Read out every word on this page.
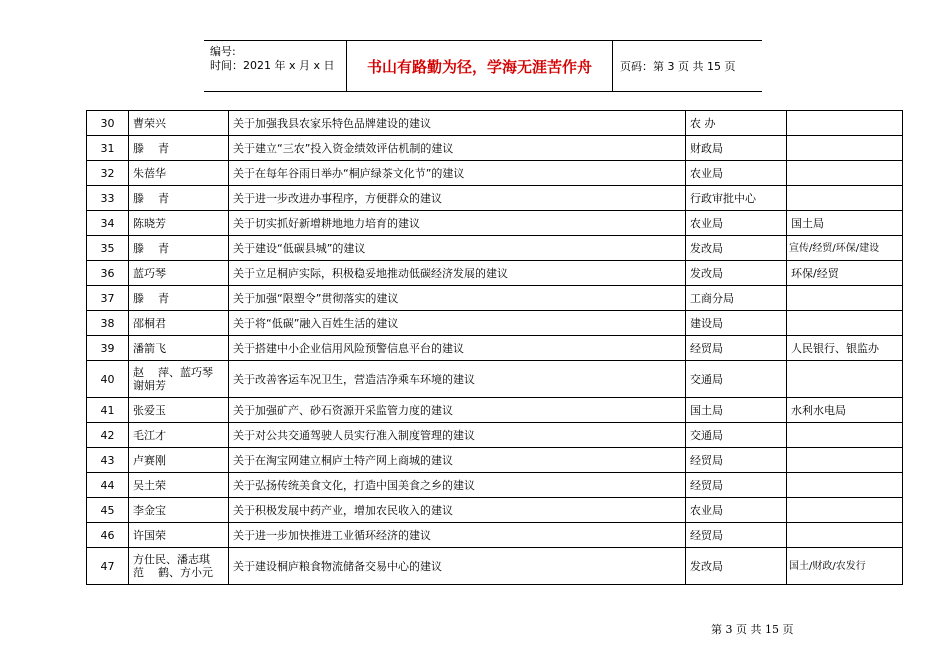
编号:
时间：2021 年 x 月 x 日	书山有路勤为径，学海无涯苦作舟	页码：第 3 页 共 15 页
30	曹荣兴	关于加强我县农家乐特色品牌建设的建议	农 办	
31	滕    青	关于建立“三农”投入资金绩效评估机制的建议	财政局	
32	朱蓓华	关于在每年谷雨日举办“桐庐绿茶文化节”的建议	农业局	
33	滕    青	关于进一步改进办事程序，方便群众的建议	行政审批中心	
34	陈晓芳	关于切实抓好新增耕地地力培育的建议	农业局	国土局
35	滕    青	关于建设“低碳县城”的建议	发改局	宣传/经贸/环保/建设
36	蓝巧琴	关于立足桐庐实际，积极稳妥地推动低碳经济发展的建议	发改局	环保/经贸
37	滕    青	关于加强“限塑令”贯彻落实的建议	工商分局	
38	邵桐君	关于将“低碳”融入百姓生活的建议	建设局	
39	潘箭飞	关于搭建中小企业信用风险预警信息平台的建议	经贸局	人民银行、银监办
40	赵    萍、蓝巧琴
谢娟芳	关于改善客运车况卫生，营造洁净乘车环境的建议	交通局	
41	张爱玉	关于加强矿产、砂石资源开采监管力度的建议	国土局	水利水电局
42	毛江才	关于对公共交通驾驶人员实行准入制度管理的建议	交通局	
43	卢赛刚	关于在淘宝网建立桐庐土特产网上商城的建议	经贸局	
44	吴土荣	关于弘扬传统美食文化，打造中国美食之乡的建议	经贸局	
45	李金宝	关于积极发展中药产业，增加农民收入的建议	农业局	
46	许国荣	关于进一步加快推进工业循环经济的建议	经贸局	
47	方仕民、潘志琪
范    鹤、方小元	关于建设桐庐粮食物流储备交易中心的建议	发改局	国土/财政/农发行
第 3 页 共 15 页
